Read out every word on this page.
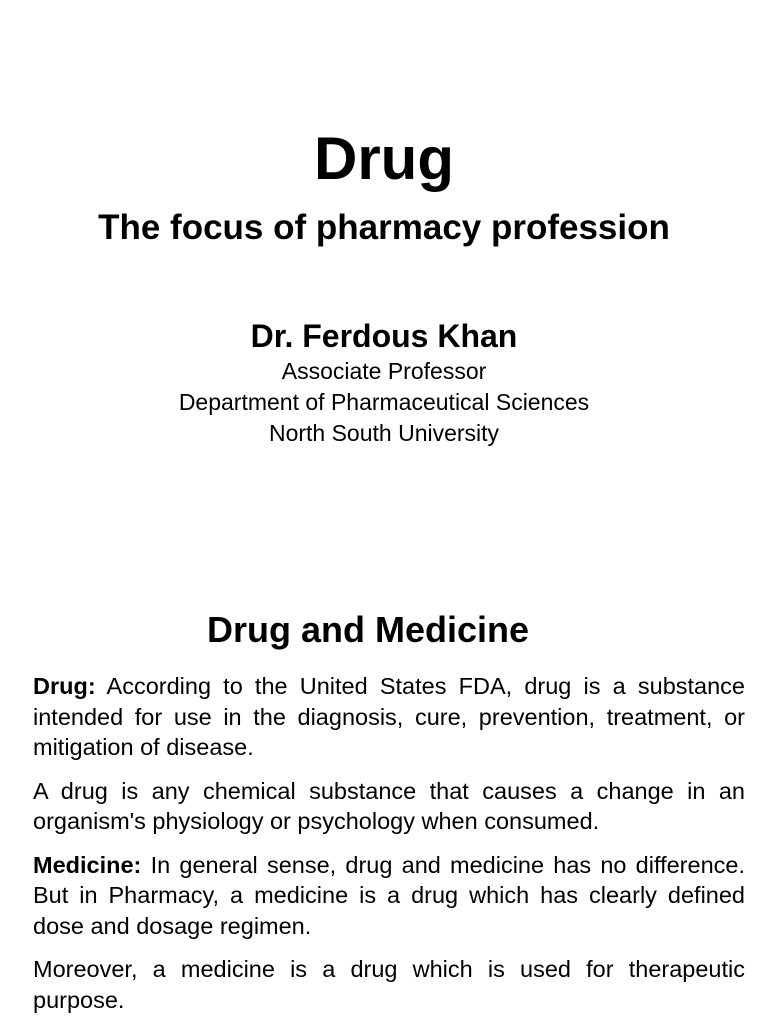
Drug
The focus of pharmacy profession
Dr. Ferdous Khan
Associate Professor
Department of Pharmaceutical Sciences
North South University
Drug and Medicine

Drug: According to the United States FDA, drug is a substance intended for use in the diagnosis, cure, prevention, treatment, or mitigation of disease.

A drug is any chemical substance that causes a change in an organism's physiology or psychology when consumed.

Medicine: In general sense, drug and medicine has no difference. But in Pharmacy, a medicine is a drug which has clearly defined dose and dosage regimen.

Moreover, a medicine is a drug which is used for therapeutic purpose.
